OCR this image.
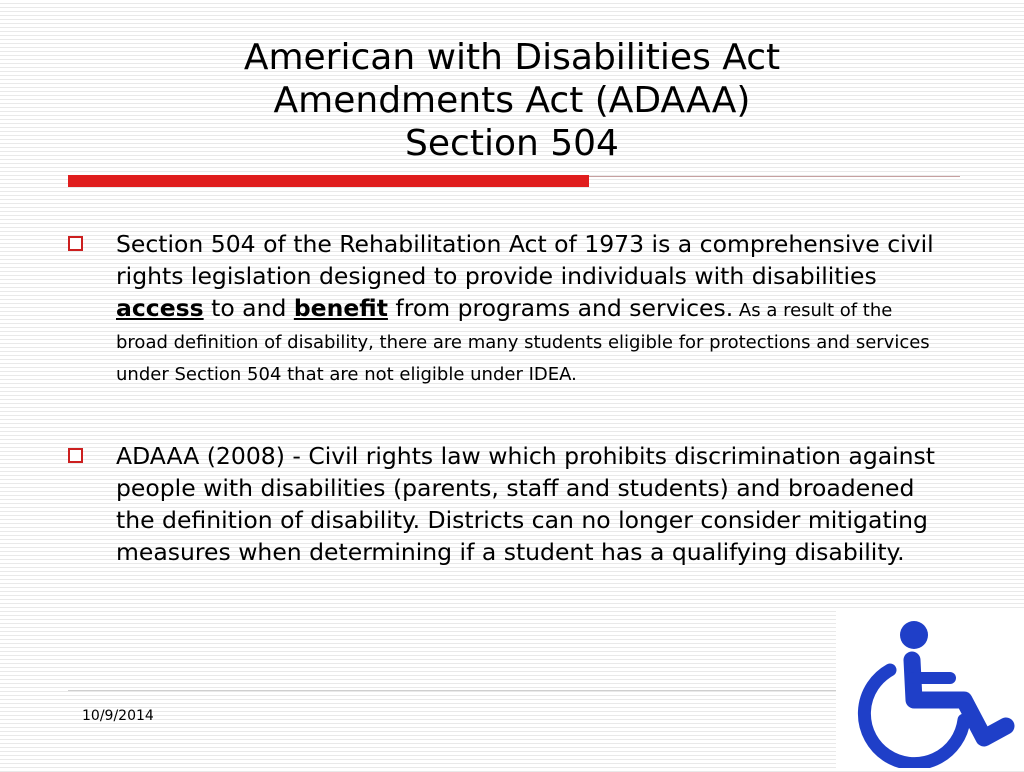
American with Disabilities Act
Amendments Act (ADAAA)
Section 504
Section 504 of the Rehabilitation Act of 1973 is a comprehensive civil rights legislation designed to provide individuals with disabilities access to and benefit from programs and services. As a result of the broad definition of disability, there are many students eligible for protections and services under Section 504 that are not eligible under IDEA.
ADAAA (2008) - Civil rights law which prohibits discrimination against people with disabilities (parents, staff and students) and broadened the definition of disability. Districts can no longer consider mitigating measures when determining if a student has a qualifying disability.
10/9/2014
